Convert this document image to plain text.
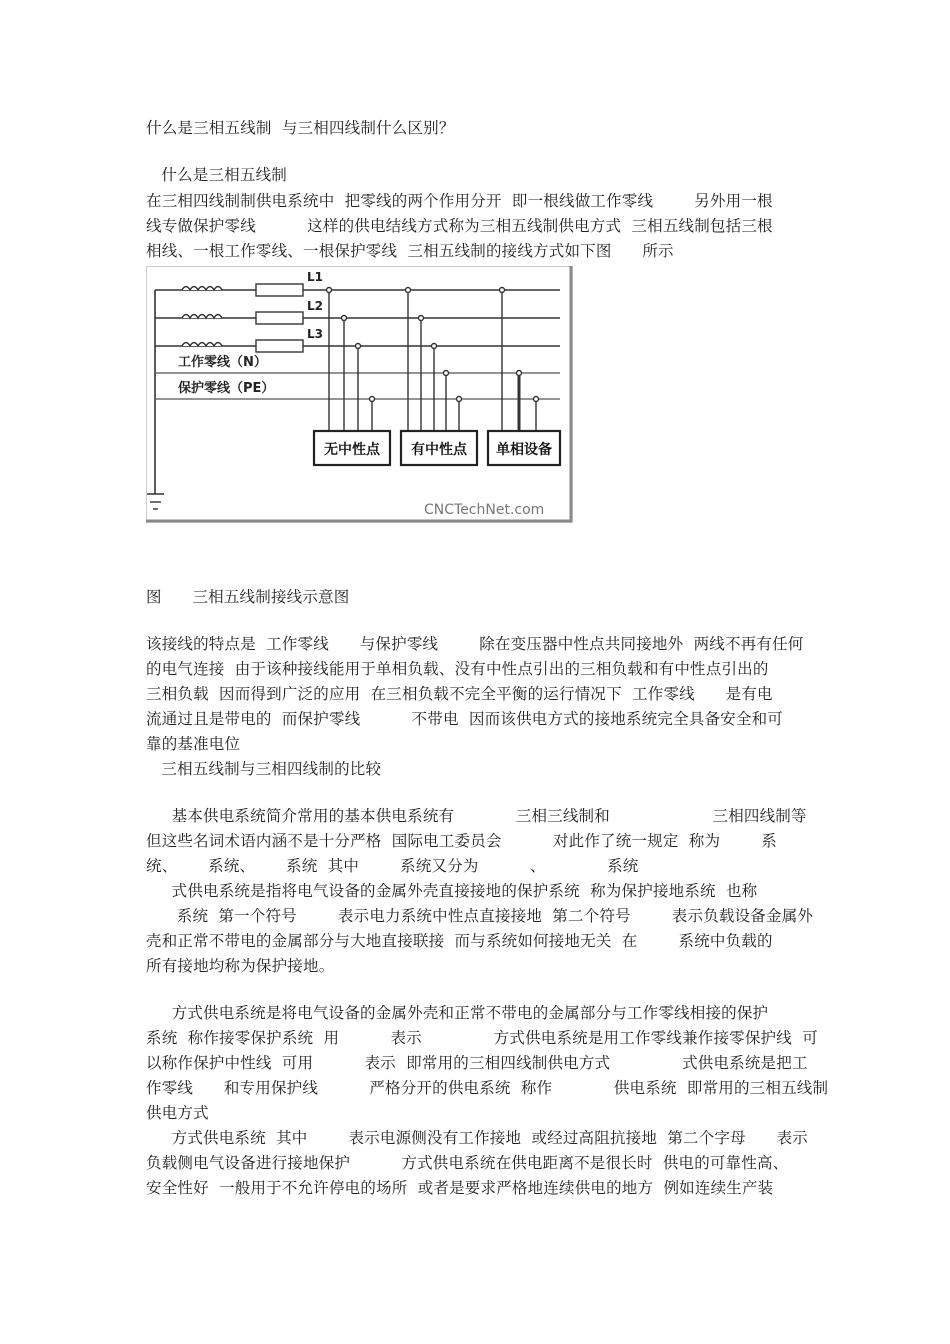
什么是三相五线制  与三相四线制什么区别？
什么是三相五线制
在三相四线制制供电系统中  把零线的两个作用分开  即一根线做工作零线        另外用一根
线专做保护零线          这样的供电结线方式称为三相五线制供电方式  三相五线制包括三根
相线、一根工作零线、一根保护零线  三相五线制的接线方式如下图      所示
L1
L2
L3
工作零线（N）
保护零线（PE）
无中性点 有中性点 单相设备
CNCTechNet.com
图      三相五线制接线示意图
该接线的特点是  工作零线      与保护零线        除在变压器中性点共同接地外  两线不再有任何
的电气连接  由于该种接线能用于单相负载、没有中性点引出的三相负载和有中性点引出的
三相负载  因而得到广泛的应用  在三相负载不完全平衡的运行情况下  工作零线      是有电
流通过且是带电的  而保护零线          不带电  因而该供电方式的接地系统完全具备安全和可
靠的基准电位
三相五线制与三相四线制的比较
基本供电系统简介常用的基本供电系统有            三相三线制和                    三相四线制等
但这些名词术语内涵不是十分严格  国际电工委员会          对此作了统一规定  称为        系
统、      系统、      系统  其中        系统又分为          、            系统
式供电系统是指将电气设备的金属外壳直接接地的保护系统  称为保护接地系统  也称
系统  第一个符号        表示电力系统中性点直接接地  第二个符号        表示负载设备金属外
壳和正常不带电的金属部分与大地直接联接  而与系统如何接地无关  在        系统中负载的
所有接地均称为保护接地。
方式供电系统是将电气设备的金属外壳和正常不带电的金属部分与工作零线相接的保护
系统  称作接零保护系统  用          表示              方式供电系统是用工作零线兼作接零保护线  可
以称作保护中性线  可用          表示  即常用的三相四线制供电方式              式供电系统是把工
作零线      和专用保护线          严格分开的供电系统  称作            供电系统  即常用的三相五线制
供电方式
方式供电系统  其中        表示电源侧没有工作接地  或经过高阻抗接地  第二个字母      表示
负载侧电气设备进行接地保护          方式供电系统在供电距离不是很长时  供电的可靠性高、
安全性好  一般用于不允许停电的场所  或者是要求严格地连续供电的地方  例如连续生产装
